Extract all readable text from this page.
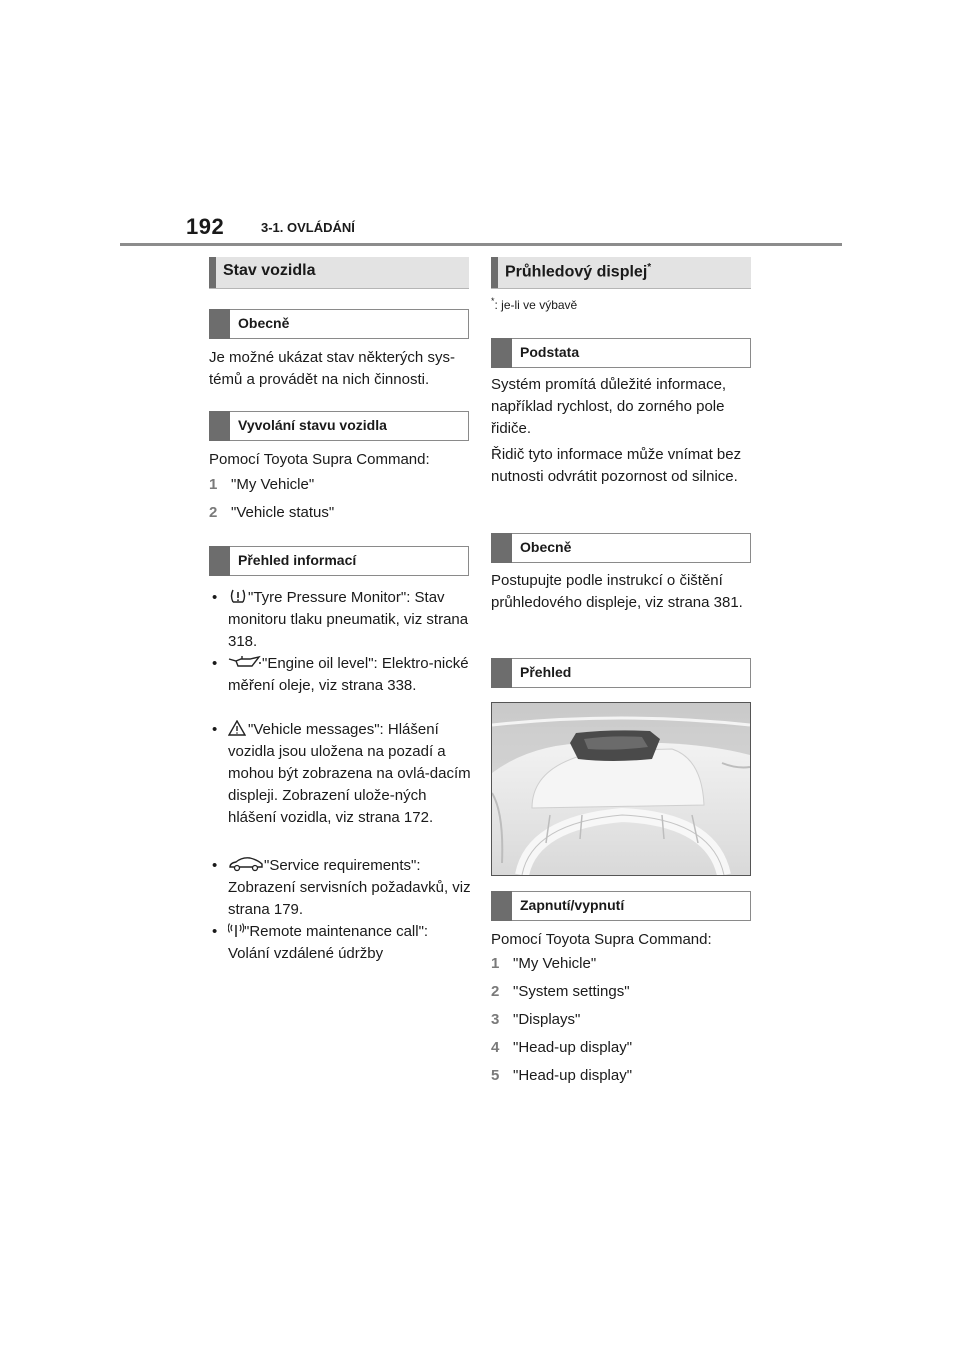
192	3-1. OVLÁDÁNÍ
Stav vozidla
Obecně

Je možné ukázat stav některých sys-témů a provádět na nich činnosti.

Vyvolání stavu vozidla

Pomocí Toyota Supra Command:

1 "My Vehicle"
2 "Vehicle status"
Přehled informací
•	"Tyre Pressure Monitor": Stav monitoru tlaku pneumatik, viz strana 318.
•	"Engine oil level": Elektro-nické měření oleje, viz strana 338.
•	"Vehicle messages": Hlášení vozidla jsou uložena na pozadí a mohou být zobrazena na ovlá-dacím displeji. Zobrazení ulože-ných hlášení vozidla, viz strana 172.
•	"Service requirements": Zobrazení servisních požadavků, viz strana 179.
•	"Remote maintenance call": Volání vzdálené údržby
Průhledový displej*
*: je-li ve výbavě
Podstata

Systém promítá důležité informace, například rychlost, do zorného pole řidiče.

Řidič tyto informace může vnímat bez nutnosti odvrátit pozornost od silnice.

Obecně

Postupujte podle instrukcí o čištění průhledového displeje, viz strana 381.

Přehled
Zapnutí/vypnutí

Pomocí Toyota Supra Command:

1 "My Vehicle"
2 "System settings"
3 "Displays"
4 "Head-up display"
5 "Head-up display"
